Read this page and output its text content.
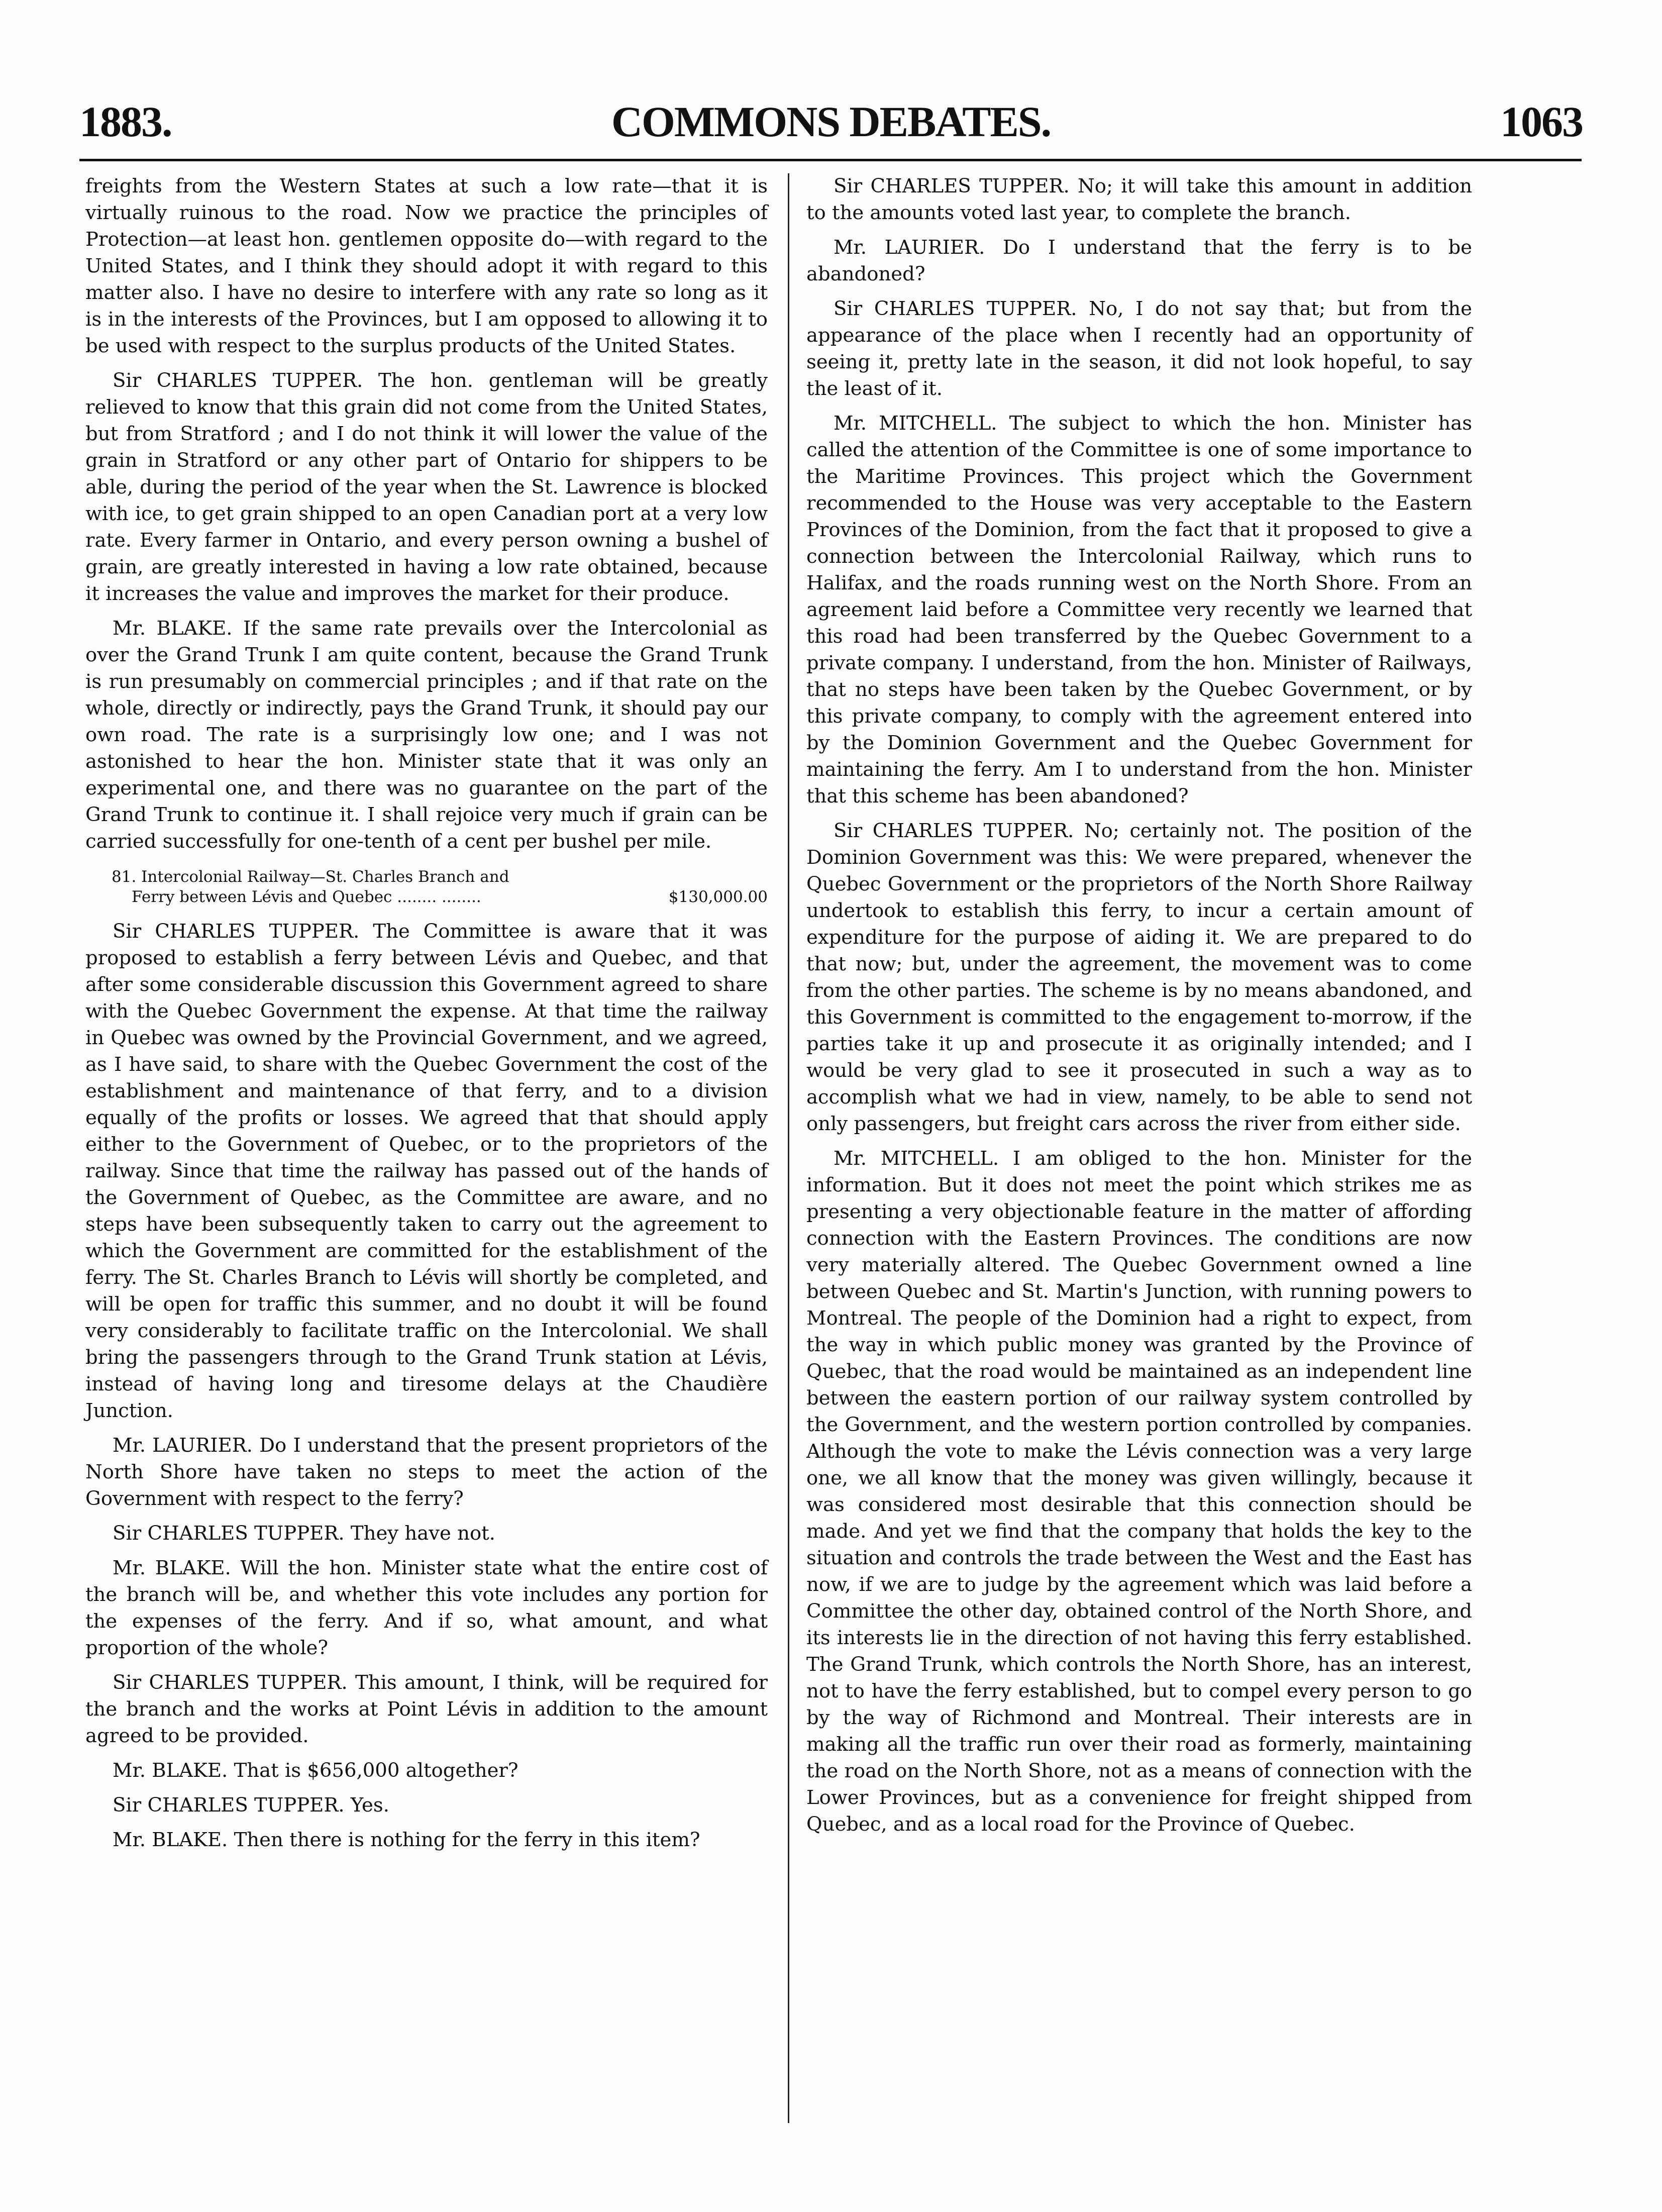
COMMONS DEBATES.
1883.	1063

freights from the Western States at such a low rate—that it is virtually ruinous to the road. Now we practice the principles of Protection—at least hon. gentlemen opposite do—with regard to the United States, and I think they should adopt it with regard to this matter also. I have no desire to interfere with any rate so long as it is in the interests of the Provinces, but I am opposed to allowing it to be used with respect to the surplus products of the United States.

Sir CHARLES TUPPER. The hon. gentleman will be greatly relieved to know that this grain did not come from the United States, but from Stratford ; and I do not think it will lower the value of the grain in Stratford or any other part of Ontario for shippers to be able, during the period of the year when the St. Lawrence is blocked with ice, to get grain shipped to an open Canadian port at a very low rate. Every farmer in Ontario, and every person owning a bushel of grain, are greatly interested in having a low rate obtained, because it increases the value and improves the market for their produce.

Mr. BLAKE. If the same rate prevails over the Intercolonial as over the Grand Trunk I am quite content, because the Grand Trunk is run presumably on commercial principles ; and if that rate on the whole, directly or indirectly, pays the Grand Trunk, it should pay our own road. The rate is a surprisingly low one; and I was not astonished to hear the hon. Minister state that it was only an experimental one, and there was no guarantee on the part of the Grand Trunk to continue it. I shall rejoice very much if grain can be carried successfully for one-tenth of a cent per bushel per mile.

81. Intercolonial Railway—St. Charles Branch and
Ferry between Lévis and Quebec ........ ........	$130,000.00

Sir CHARLES TUPPER. The Committee is aware that it was proposed to establish a ferry between Lévis and Quebec, and that after some considerable discussion this Government agreed to share with the Quebec Government the expense. At that time the railway in Quebec was owned by the Provincial Government, and we agreed, as I have said, to share with the Quebec Government the cost of the establishment and maintenance of that ferry, and to a division equally of the profits or losses. We agreed that that should apply either to the Government of Quebec, or to the proprietors of the railway. Since that time the railway has passed out of the hands of the Government of Quebec, as the Committee are aware, and no steps have been subsequently taken to carry out the agreement to which the Government are committed for the establishment of the ferry. The St. Charles Branch to Lévis will shortly be completed, and will be open for traffic this summer, and no doubt it will be found very considerably to facilitate traffic on the Intercolonial. We shall bring the passengers through to the Grand Trunk station at Lévis, instead of having long and tiresome delays at the Chaudière Junction.

Mr. LAURIER. Do I understand that the present proprietors of the North Shore have taken no steps to meet the action of the Government with respect to the ferry?

Sir CHARLES TUPPER. They have not.

Mr. BLAKE. Will the hon. Minister state what the entire cost of the branch will be, and whether this vote includes any portion for the expenses of the ferry. And if so, what amount, and what proportion of the whole?

Sir CHARLES TUPPER. This amount, I think, will be required for the branch and the works at Point Lévis in addition to the amount agreed to be provided.

Mr. BLAKE. That is $656,000 altogether?

Sir CHARLES TUPPER. Yes.

Mr. BLAKE. Then there is nothing for the ferry in this item?

Sir CHARLES TUPPER. No; it will take this amount in addition to the amounts voted last year, to complete the branch.

Mr. LAURIER. Do I understand that the ferry is to be abandoned?

Sir CHARLES TUPPER. No, I do not say that; but from the appearance of the place when I recently had an opportunity of seeing it, pretty late in the season, it did not look hopeful, to say the least of it.

Mr. MITCHELL. The subject to which the hon. Minister has called the attention of the Committee is one of some importance to the Maritime Provinces. This project which the Government recommended to the House was very acceptable to the Eastern Provinces of the Dominion, from the fact that it proposed to give a connection between the Intercolonial Railway, which runs to Halifax, and the roads running west on the North Shore. From an agreement laid before a Committee very recently we learned that this road had been transferred by the Quebec Government to a private company. I understand, from the hon. Minister of Railways, that no steps have been taken by the Quebec Government, or by this private company, to comply with the agreement entered into by the Dominion Government and the Quebec Government for maintaining the ferry. Am I to understand from the hon. Minister that this scheme has been abandoned?

Sir CHARLES TUPPER. No; certainly not. The position of the Dominion Government was this: We were prepared, whenever the Quebec Government or the proprietors of the North Shore Railway undertook to establish this ferry, to incur a certain amount of expenditure for the purpose of aiding it. We are prepared to do that now; but, under the agreement, the movement was to come from the other parties. The scheme is by no means abandoned, and this Government is committed to the engagement to-morrow, if the parties take it up and prosecute it as originally intended; and I would be very glad to see it prosecuted in such a way as to accomplish what we had in view, namely, to be able to send not only passengers, but freight cars across the river from either side.

Mr. MITCHELL. I am obliged to the hon. Minister for the information. But it does not meet the point which strikes me as presenting a very objectionable feature in the matter of affording connection with the Eastern Provinces. The conditions are now very materially altered. The Quebec Government owned a line between Quebec and St. Martin's Junction, with running powers to Montreal. The people of the Dominion had a right to expect, from the way in which public money was granted by the Province of Quebec, that the road would be maintained as an independent line between the eastern portion of our railway system controlled by the Government, and the western portion controlled by companies. Although the vote to make the Lévis connection was a very large one, we all know that the money was given willingly, because it was considered most desirable that this connection should be made. And yet we find that the company that holds the key to the situation and controls the trade between the West and the East has now, if we are to judge by the agreement which was laid before a Committee the other day, obtained control of the North Shore, and its interests lie in the direction of not having this ferry established. The Grand Trunk, which controls the North Shore, has an interest, not to have the ferry established, but to compel every person to go by the way of Richmond and Montreal. Their interests are in making all the traffic run over their road as formerly, maintaining the road on the North Shore, not as a means of connection with the Lower Provinces, but as a convenience for freight shipped from Quebec, and as a local road for the Province of Quebec.
